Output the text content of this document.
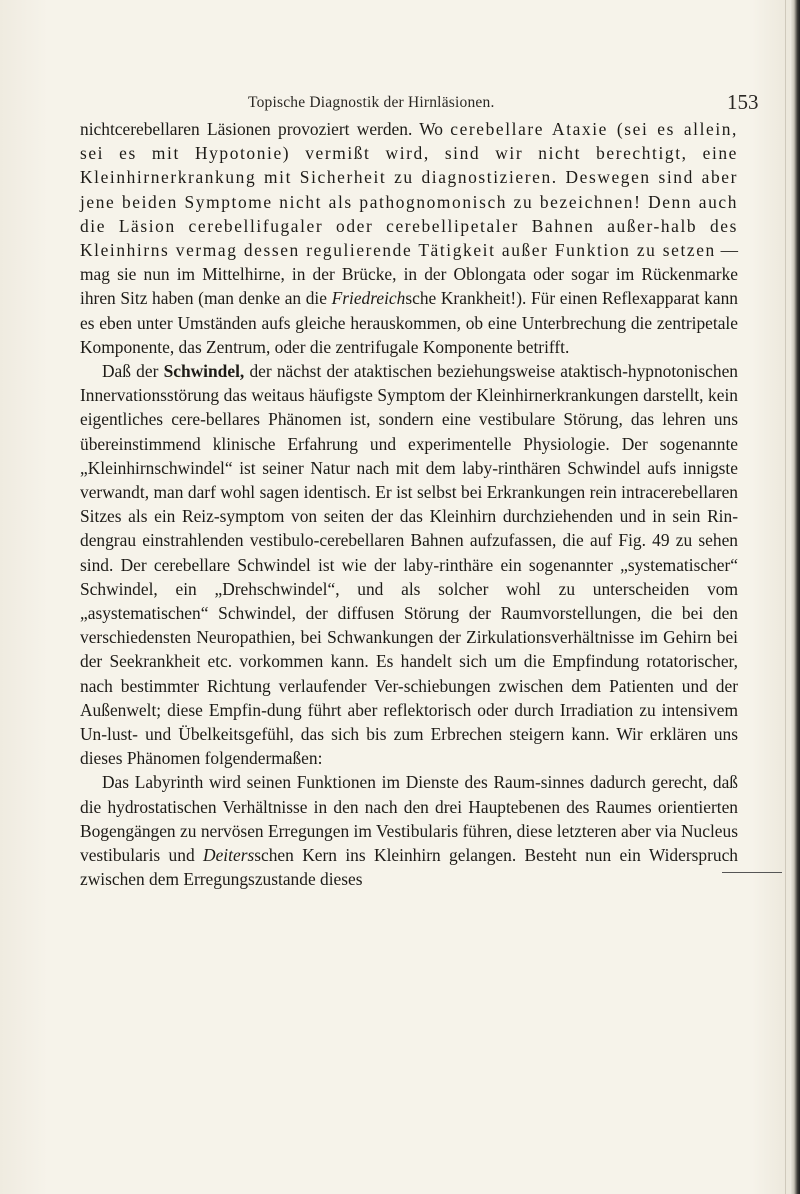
Topische Diagnostik der Hirnläsionen.	153

nichtcerebellaren Läsionen provoziert werden. Wo cerebellare Ataxie (sei es allein, sei es mit Hypotonie) vermißt wird, sind wir nicht berechtigt, eine Kleinhirnerkrankung mit Sicherheit zu diagnostizieren. Deswegen sind aber jene beiden Symptome nicht als pathognomonisch zu bezeichnen! Denn auch die Läsion cerebellifugaler oder cerebellipetaler Bahnen außer-halb des Kleinhirns vermag dessen regulierende Tätigkeit außer Funktion zu setzen — mag sie nun im Mittelhirne, in der Brücke, in der Oblongata oder sogar im Rückenmarke ihren Sitz haben (man denke an die Friedreichsche Krankheit!). Für einen Reflexapparat kann es eben unter Umständen aufs gleiche herauskommen, ob eine Unterbrechung die zentripetale Komponente, das Zentrum, oder die zentrifugale Komponente betrifft.

Daß der Schwindel, der nächst der ataktischen beziehungsweise ataktisch-hypnotonischen Innervationsstörung das weitaus häufigste Symptom der Kleinhirnerkrankungen darstellt, kein eigentliches cere-bellares Phänomen ist, sondern eine vestibulare Störung, das lehren uns übereinstimmend klinische Erfahrung und experimentelle Physiologie. Der sogenannte „Kleinhirnschwindel“ ist seiner Natur nach mit dem laby-rinthären Schwindel aufs innigste verwandt, man darf wohl sagen identisch. Er ist selbst bei Erkrankungen rein intracerebellaren Sitzes als ein Reiz-symptom von seiten der das Kleinhirn durchziehenden und in sein Rin-dengrau einstrahlenden vestibulo-cerebellaren Bahnen aufzufassen, die auf Fig. 49 zu sehen sind. Der cerebellare Schwindel ist wie der laby-rinthäre ein sogenannter „systematischer“ Schwindel, ein „Drehschwindel“, und als solcher wohl zu unterscheiden vom „asystematischen“ Schwindel, der diffusen Störung der Raumvorstellungen, die bei den verschiedensten Neuropathien, bei Schwankungen der Zirkulationsverhältnisse im Gehirn bei der Seekrankheit etc. vorkommen kann. Es handelt sich um die Empfindung rotatorischer, nach bestimmter Richtung verlaufender Ver-schiebungen zwischen dem Patienten und der Außenwelt; diese Empfin-dung führt aber reflektorisch oder durch Irradiation zu intensivem Un-lust- und Übelkeitsgefühl, das sich bis zum Erbrechen steigern kann. Wir erklären uns dieses Phänomen folgendermaßen:

Das Labyrinth wird seinen Funktionen im Dienste des Raum-sinnes dadurch gerecht, daß die hydrostatischen Verhältnisse in den nach den drei Hauptebenen des Raumes orientierten Bogengängen zu nervösen Erregungen im Vestibularis führen, diese letzteren aber via Nucleus vestibularis und Deitersschen Kern ins Kleinhirn gelangen. Besteht nun ein Widerspruch zwischen dem Erregungszustande dieses
